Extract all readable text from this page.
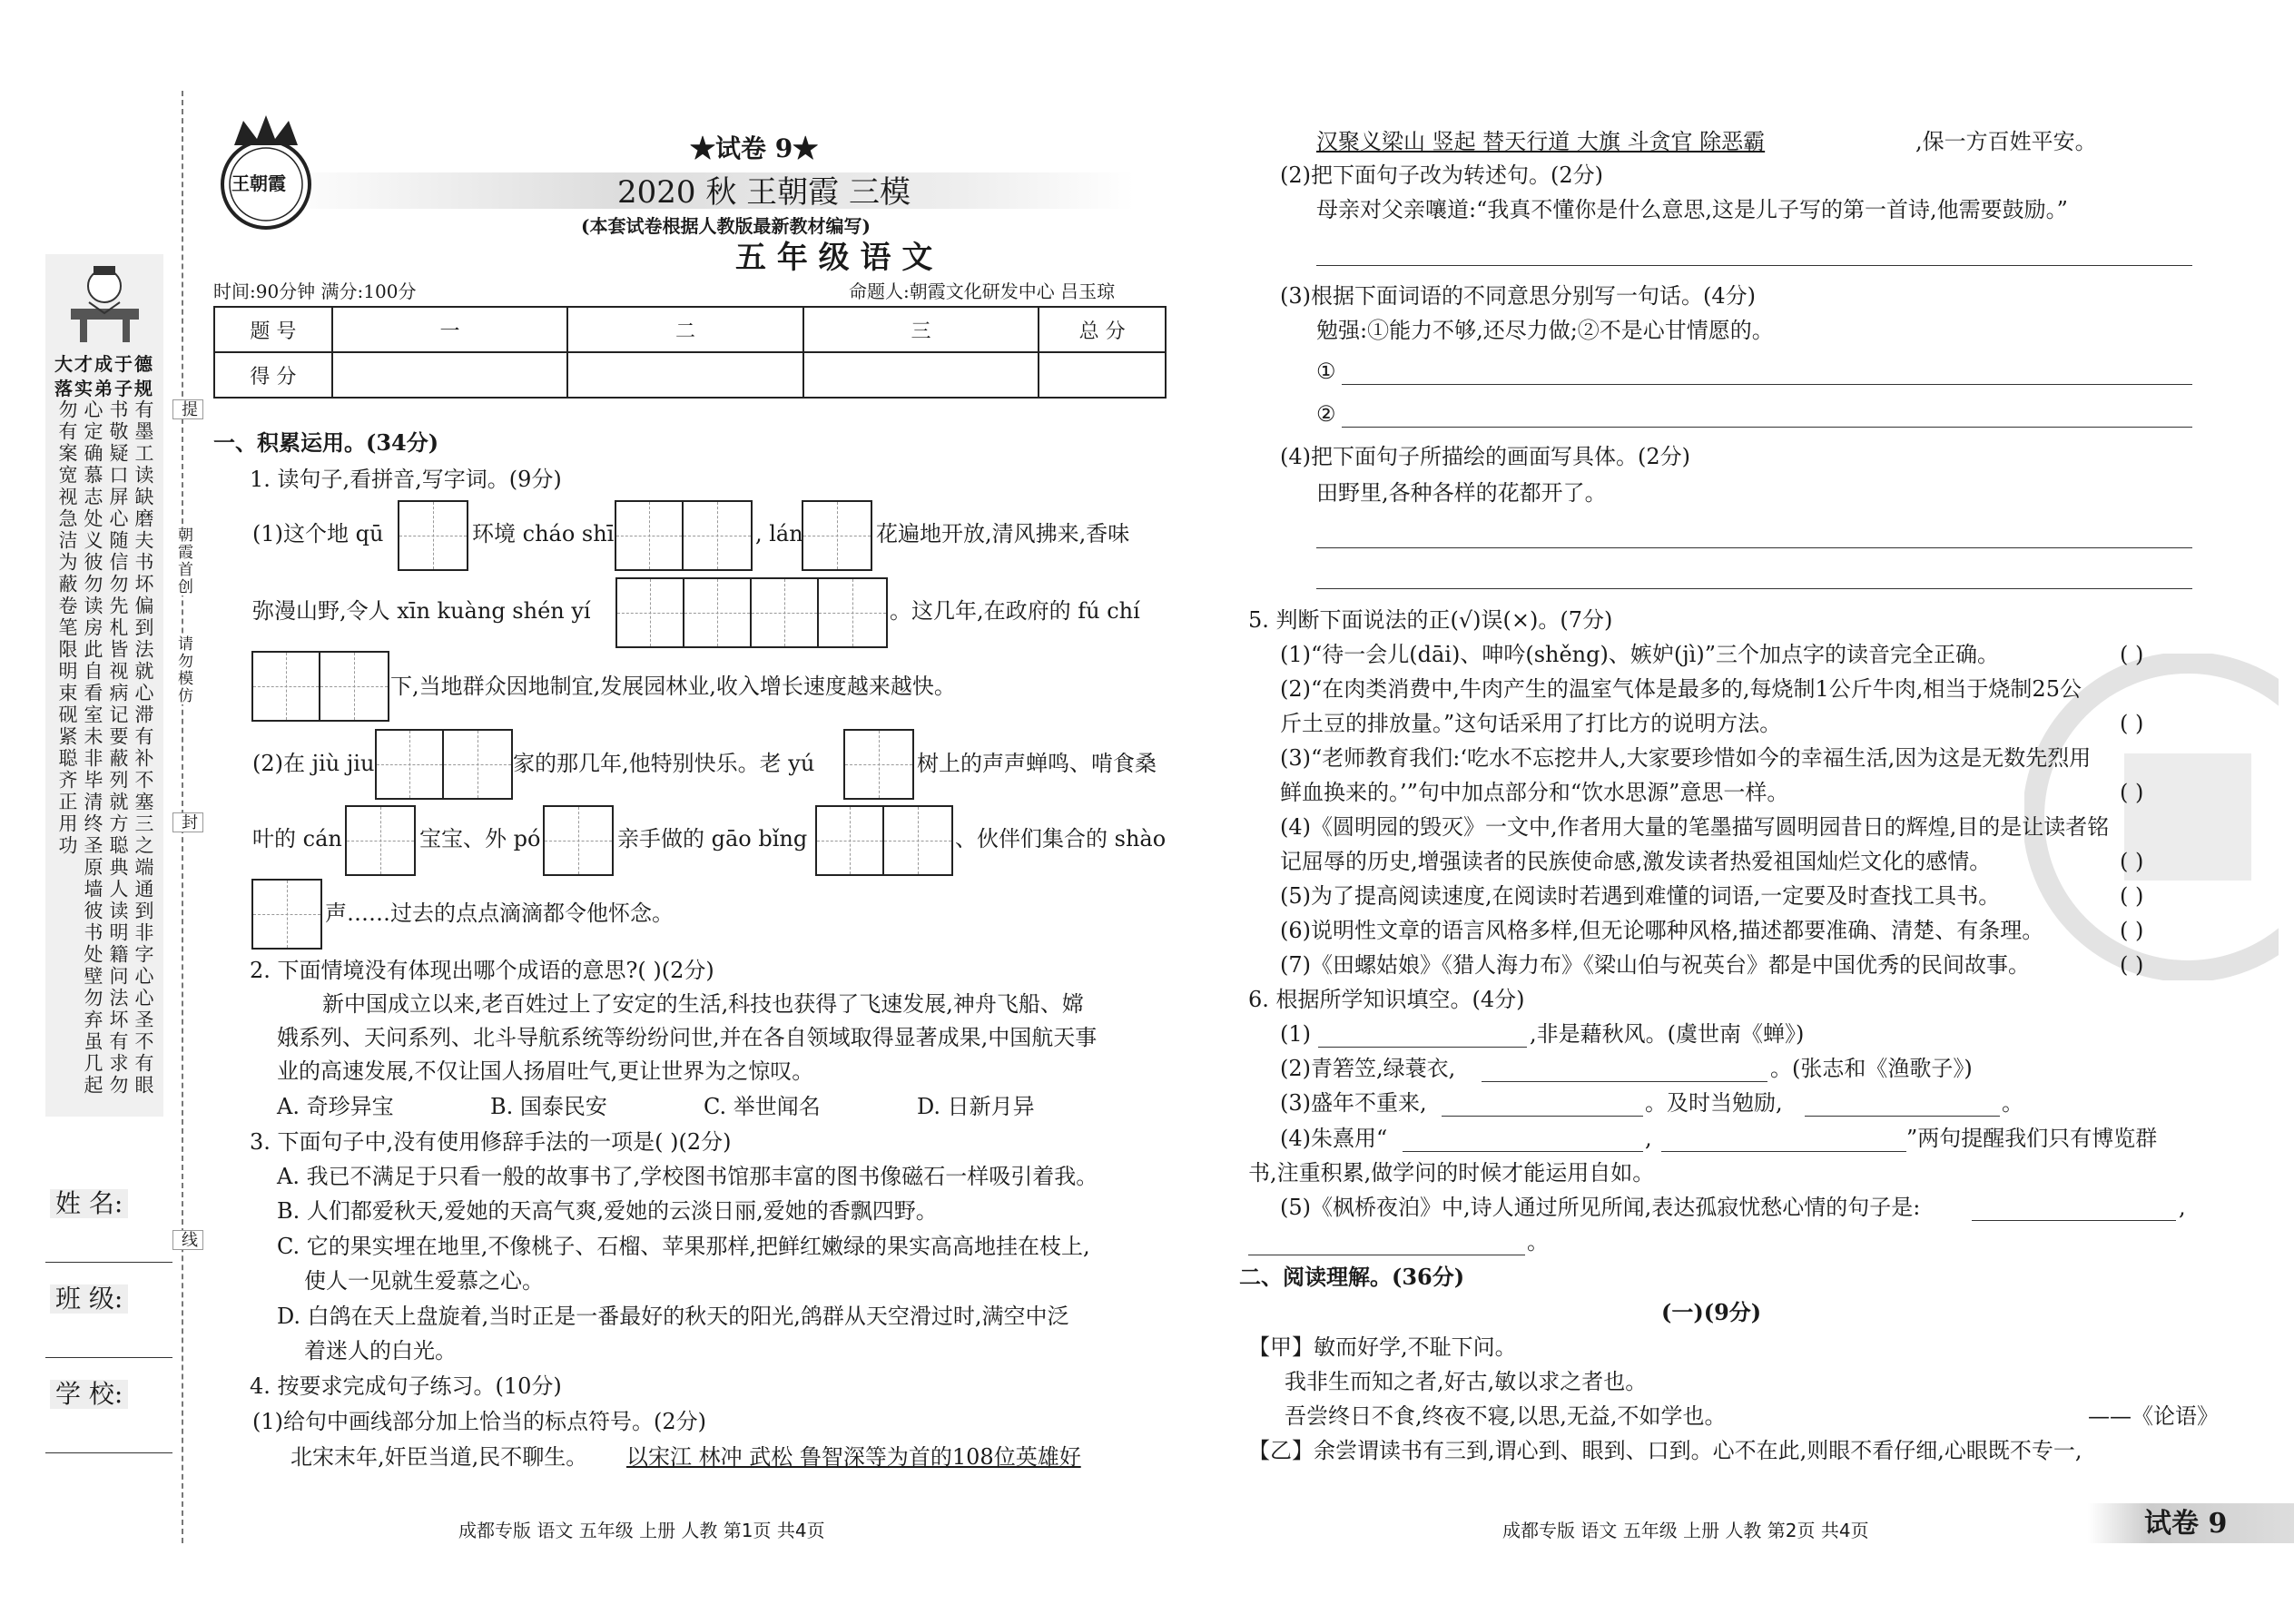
大才成于德
落实弟子规
有墨工读缺磨夫书坏偏到法就心滞有补不塞三之端通到非字心心圣不有眼书敬疑口屏心随信勿先札皆视病记要蔽列就方聪典人读明籍问法坏有求勿心定确慕志处义彼勿读房此自看室未非毕清终圣原墙彼书处壁勿弃虽几起勿有案宽视急洁为蔽卷笔限明束砚紧聪齐正用功
姓 名:
班 级:
学 校:
提
朝霞首创
请勿模仿
封
线
王朝霞
★试卷 9★
2020 秋 王朝霞 三模
(本套试卷根据人教版最新教材编写)
五 年 级 语 文
时间:90分钟 满分:100分	命题人:朝霞文化研发中心 吕玉琼
题 号	一	二	三	总 分
得 分				
一、积累运用。(34分)
1. 读句子,看拼音,写字词。(9分)
(1)这个地 qū	环境 cháo shī	, lán	花遍地开放,清风拂来,香味
弥漫山野,令人 xīn kuàng shén yí	。这几年,在政府的 fú chí
下,当地群众因地制宜,发展园林业,收入增长速度越来越快。
(2)在 jiù jiu	家的那几年,他特别快乐。老 yú	树上的声声蝉鸣、啃食桑
叶的 cán	宝宝、外 pó	亲手做的 gāo bǐng	、伙伴们集合的 shào
声……过去的点点滴滴都令他怀念。
2. 下面情境没有体现出哪个成语的意思?( )(2分)
新中国成立以来,老百姓过上了安定的生活,科技也获得了飞速发展,神舟飞船、嫦
娥系列、天问系列、北斗导航系统等纷纷问世,并在各自领域取得显著成果,中国航天事
业的高速发展,不仅让国人扬眉吐气,更让世界为之惊叹。
A. 奇珍异宝	B. 国泰民安	C. 举世闻名	D. 日新月异
3. 下面句子中,没有使用修辞手法的一项是( )(2分)
A. 我已不满足于只看一般的故事书了,学校图书馆那丰富的图书像磁石一样吸引着我。
B. 人们都爱秋天,爱她的天高气爽,爱她的云淡日丽,爱她的香飘四野。
C. 它的果实埋在地里,不像桃子、石榴、苹果那样,把鲜红嫩绿的果实高高地挂在枝上,
使人一见就生爱慕之心。
D. 白鸽在天上盘旋着,当时正是一番最好的秋天的阳光,鸽群从天空滑过时,满空中泛
着迷人的白光。
4. 按要求完成句子练习。(10分)
(1)给句中画线部分加上恰当的标点符号。(2分)
北宋末年,奸臣当道,民不聊生。 以宋江 林冲 武松 鲁智深等为首的108位英雄好
成都专版 语文 五年级 上册 人教 第1页 共4页
汉聚义梁山 竖起 替天行道 大旗 斗贪官 除恶霸	,保一方百姓平安。
(2)把下面句子改为转述句。(2分)
母亲对父亲嚷道:“我真不懂你是什么意思,这是儿子写的第一首诗,他需要鼓励。”
(3)根据下面词语的不同意思分别写一句话。(4分)
勉强:①能力不够,还尽力做;②不是心甘情愿的。
①
②
(4)把下面句子所描绘的画面写具体。(2分)
田野里,各种各样的花都开了。
5. 判断下面说法的正(√)误(×)。(7分)
(1)“待一会儿(dāi)、呻吟(shěng)、嫉妒(jì)”三个加点字的读音完全正确。	( )
(2)“在肉类消费中,牛肉产生的温室气体是最多的,每烧制1公斤牛肉,相当于烧制25公
斤土豆的排放量。”这句话采用了打比方的说明方法。	( )
(3)“老师教育我们:‘吃水不忘挖井人,大家要珍惜如今的幸福生活,因为这是无数先烈用
鲜血换来的。’”句中加点部分和“饮水思源”意思一样。	( )
(4)《圆明园的毁灭》一文中,作者用大量的笔墨描写圆明园昔日的辉煌,目的是让读者铭
记屈辱的历史,增强读者的民族使命感,激发读者热爱祖国灿烂文化的感情。	( )
(5)为了提高阅读速度,在阅读时若遇到难懂的词语,一定要及时查找工具书。	( )
(6)说明性文章的语言风格多样,但无论哪种风格,描述都要准确、清楚、有条理。	( )
(7)《田螺姑娘》《猎人海力布》《梁山伯与祝英台》都是中国优秀的民间故事。	( )
6. 根据所学知识填空。(4分)
(1)	,非是藉秋风。(虞世南《蝉》)
(2)青箬笠,绿蓑衣,	。(张志和《渔歌子》)
(3)盛年不重来,	。及时当勉励,	。
(4)朱熹用“	,	”两句提醒我们只有博览群
书,注重积累,做学问的时候才能运用自如。
(5)《枫桥夜泊》中,诗人通过所见所闻,表达孤寂忧愁心情的句子是:	,
。
二、阅读理解。(36分)
(一)(9分)
【甲】敏而好学,不耻下问。
我非生而知之者,好古,敏以求之者也。
吾尝终日不食,终夜不寝,以思,无益,不如学也。	——《论语》
【乙】余尝谓读书有三到,谓心到、眼到、口到。心不在此,则眼不看仔细,心眼既不专一,
成都专版 语文 五年级 上册 人教 第2页 共4页	试卷 9
